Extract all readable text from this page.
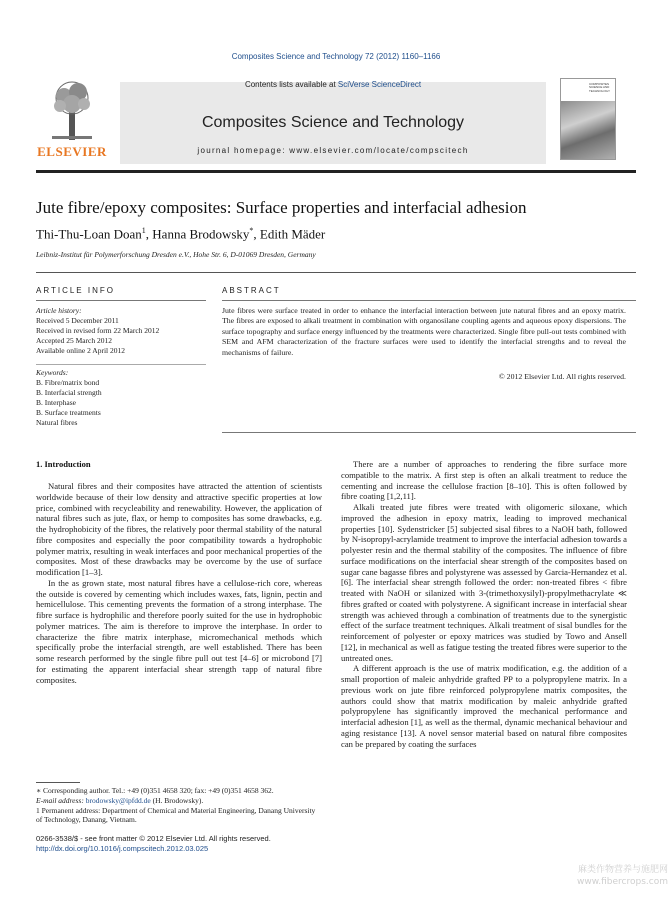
Composites Science and Technology 72 (2012) 1160–1166
ELSEVIER
Contents lists available at SciVerse ScienceDirect
Composites Science and Technology
journal homepage: www.elsevier.com/locate/compscitech
COMPOSITES SCIENCE AND TECHNOLOGY
Jute fibre/epoxy composites: Surface properties and interfacial adhesion
Thi-Thu-Loan Doan$^1$, Hanna Brodowsky*, Edith Mäder
Leibniz-Institut für Polymerforschung Dresden e.V., Hohe Str. 6, D-01069 Dresden, Germany
ARTICLE INFO	ABSTRACT
Article history:
Received 5 December 2011
Received in revised form 22 March 2012
Accepted 25 March 2012
Available online 2 April 2012
Keywords:
B. Fibre/matrix bond
B. Interfacial strength
B. Interphase
B. Surface treatments
Natural fibres
Jute fibres were surface treated in order to enhance the interfacial interaction between jute natural fibres and an epoxy matrix. The fibres are exposed to alkali treatment in combination with organosilane coupling agents and aqueous epoxy dispersions. The surface topography and surface energy influenced by the treatments were characterized. Single fibre pull-out tests combined with SEM and AFM characterization of the fracture surfaces were used to identify the interfacial strengths and to reveal the mechanisms of failure.
© 2012 Elsevier Ltd. All rights reserved.
1. Introduction

Natural fibres and their composites have attracted the attention of scientists worldwide because of their low density and attractive specific properties at low price, combined with recycleability and renewability. However, the application of natural fibres such as jute, flax, or hemp to composites has some drawbacks, e.g. the hydrophobicity of the fibres, the relatively poor thermal stability of the natural fibre composites and especially the poor compatibility towards a hydrophobic polymer matrix, resulting in weak interfaces and poor mechanical properties of the composites. Most of these drawbacks may be overcome by the use of surface modification [1–3].

In the as grown state, most natural fibres have a cellulose-rich core, whereas the outside is covered by cementing which includes waxes, fats, lignin, pectin and hemicellulose. This cementing prevents the formation of a strong interphase. The fibre surface is hydrophilic and therefore poorly suited for the use in hydrophobic polymer matrices. The aim is therefore to improve the interphase. In order to characterize the fibre matrix interphase, micromechanical methods which specifically probe the interfacial strength, are well established. There has been some research performed by the single fibre pull out test [4–6] or microbond [7] for estimating the apparent interfacial shear strength τapp of natural fibre composites.

There are a number of approaches to rendering the fibre surface more compatible to the matrix. A first step is often an alkali treatment to reduce the cementing and increase the cellulose fraction [8–10]. This is often followed by fibre coating [1,2,11].

Alkali treated jute fibres were treated with oligomeric siloxane, which improved the adhesion in epoxy matrix, leading to improved mechanical properties [10]. Sydenstricker [5] subjected sisal fibres to a NaOH bath, followed by N-isopropyl-acrylamide treatment to improve the interfacial adhesion towards a polyester resin and the thermal stability of the composites. The influence of fibre surface modifications on the interfacial shear strength of the composites based on sugar cane bagasse fibres and polystyrene was assessed by Garcia-Hernandez et al. [6]. The interfacial shear strength followed the order: non-treated fibres < fibre treated with NaOH or silanized with 3-(trimethoxysilyl)-propylmethacrylate ≪ fibres grafted or coated with polystyrene. A significant increase in interfacial shear strength was achieved through a combination of treatments due to the synergistic effect of the surface treatment techniques. Alkali treatment of sisal bundles for the reinforcement of polyester or epoxy matrices was studied by Towo and Ansell [12], in mechanical as well as fatigue testing the treated fibres were superior to the untreated ones.

A different approach is the use of matrix modification, e.g. the addition of a small proportion of maleic anhydride grafted PP to a polypropylene matrix. In a previous work on jute fibre reinforced polypropylene matrix composites, the authors could show that matrix modification by maleic anhydride grafted polypropylene has significantly improved the mechanical performance and interfacial adhesion [1], as well as the thermal, dynamic mechanical behaviour and aging resistance [13]. A novel sensor material based on natural fibre composites can be prepared by coating the surfaces

∗ Corresponding author. Tel.: +49 (0)351 4658 320; fax: +49 (0)351 4658 362.
E-mail address: brodowsky@ipfdd.de (H. Brodowsky).
1 Permanent address: Department of Chemical and Material Engineering, Danang University of Technology, Danang, Vietnam.
0266-3538/$ - see front matter © 2012 Elsevier Ltd. All rights reserved.
http://dx.doi.org/10.1016/j.compscitech.2012.03.025
麻类作物营养与施肥网
www.fibercrops.com
